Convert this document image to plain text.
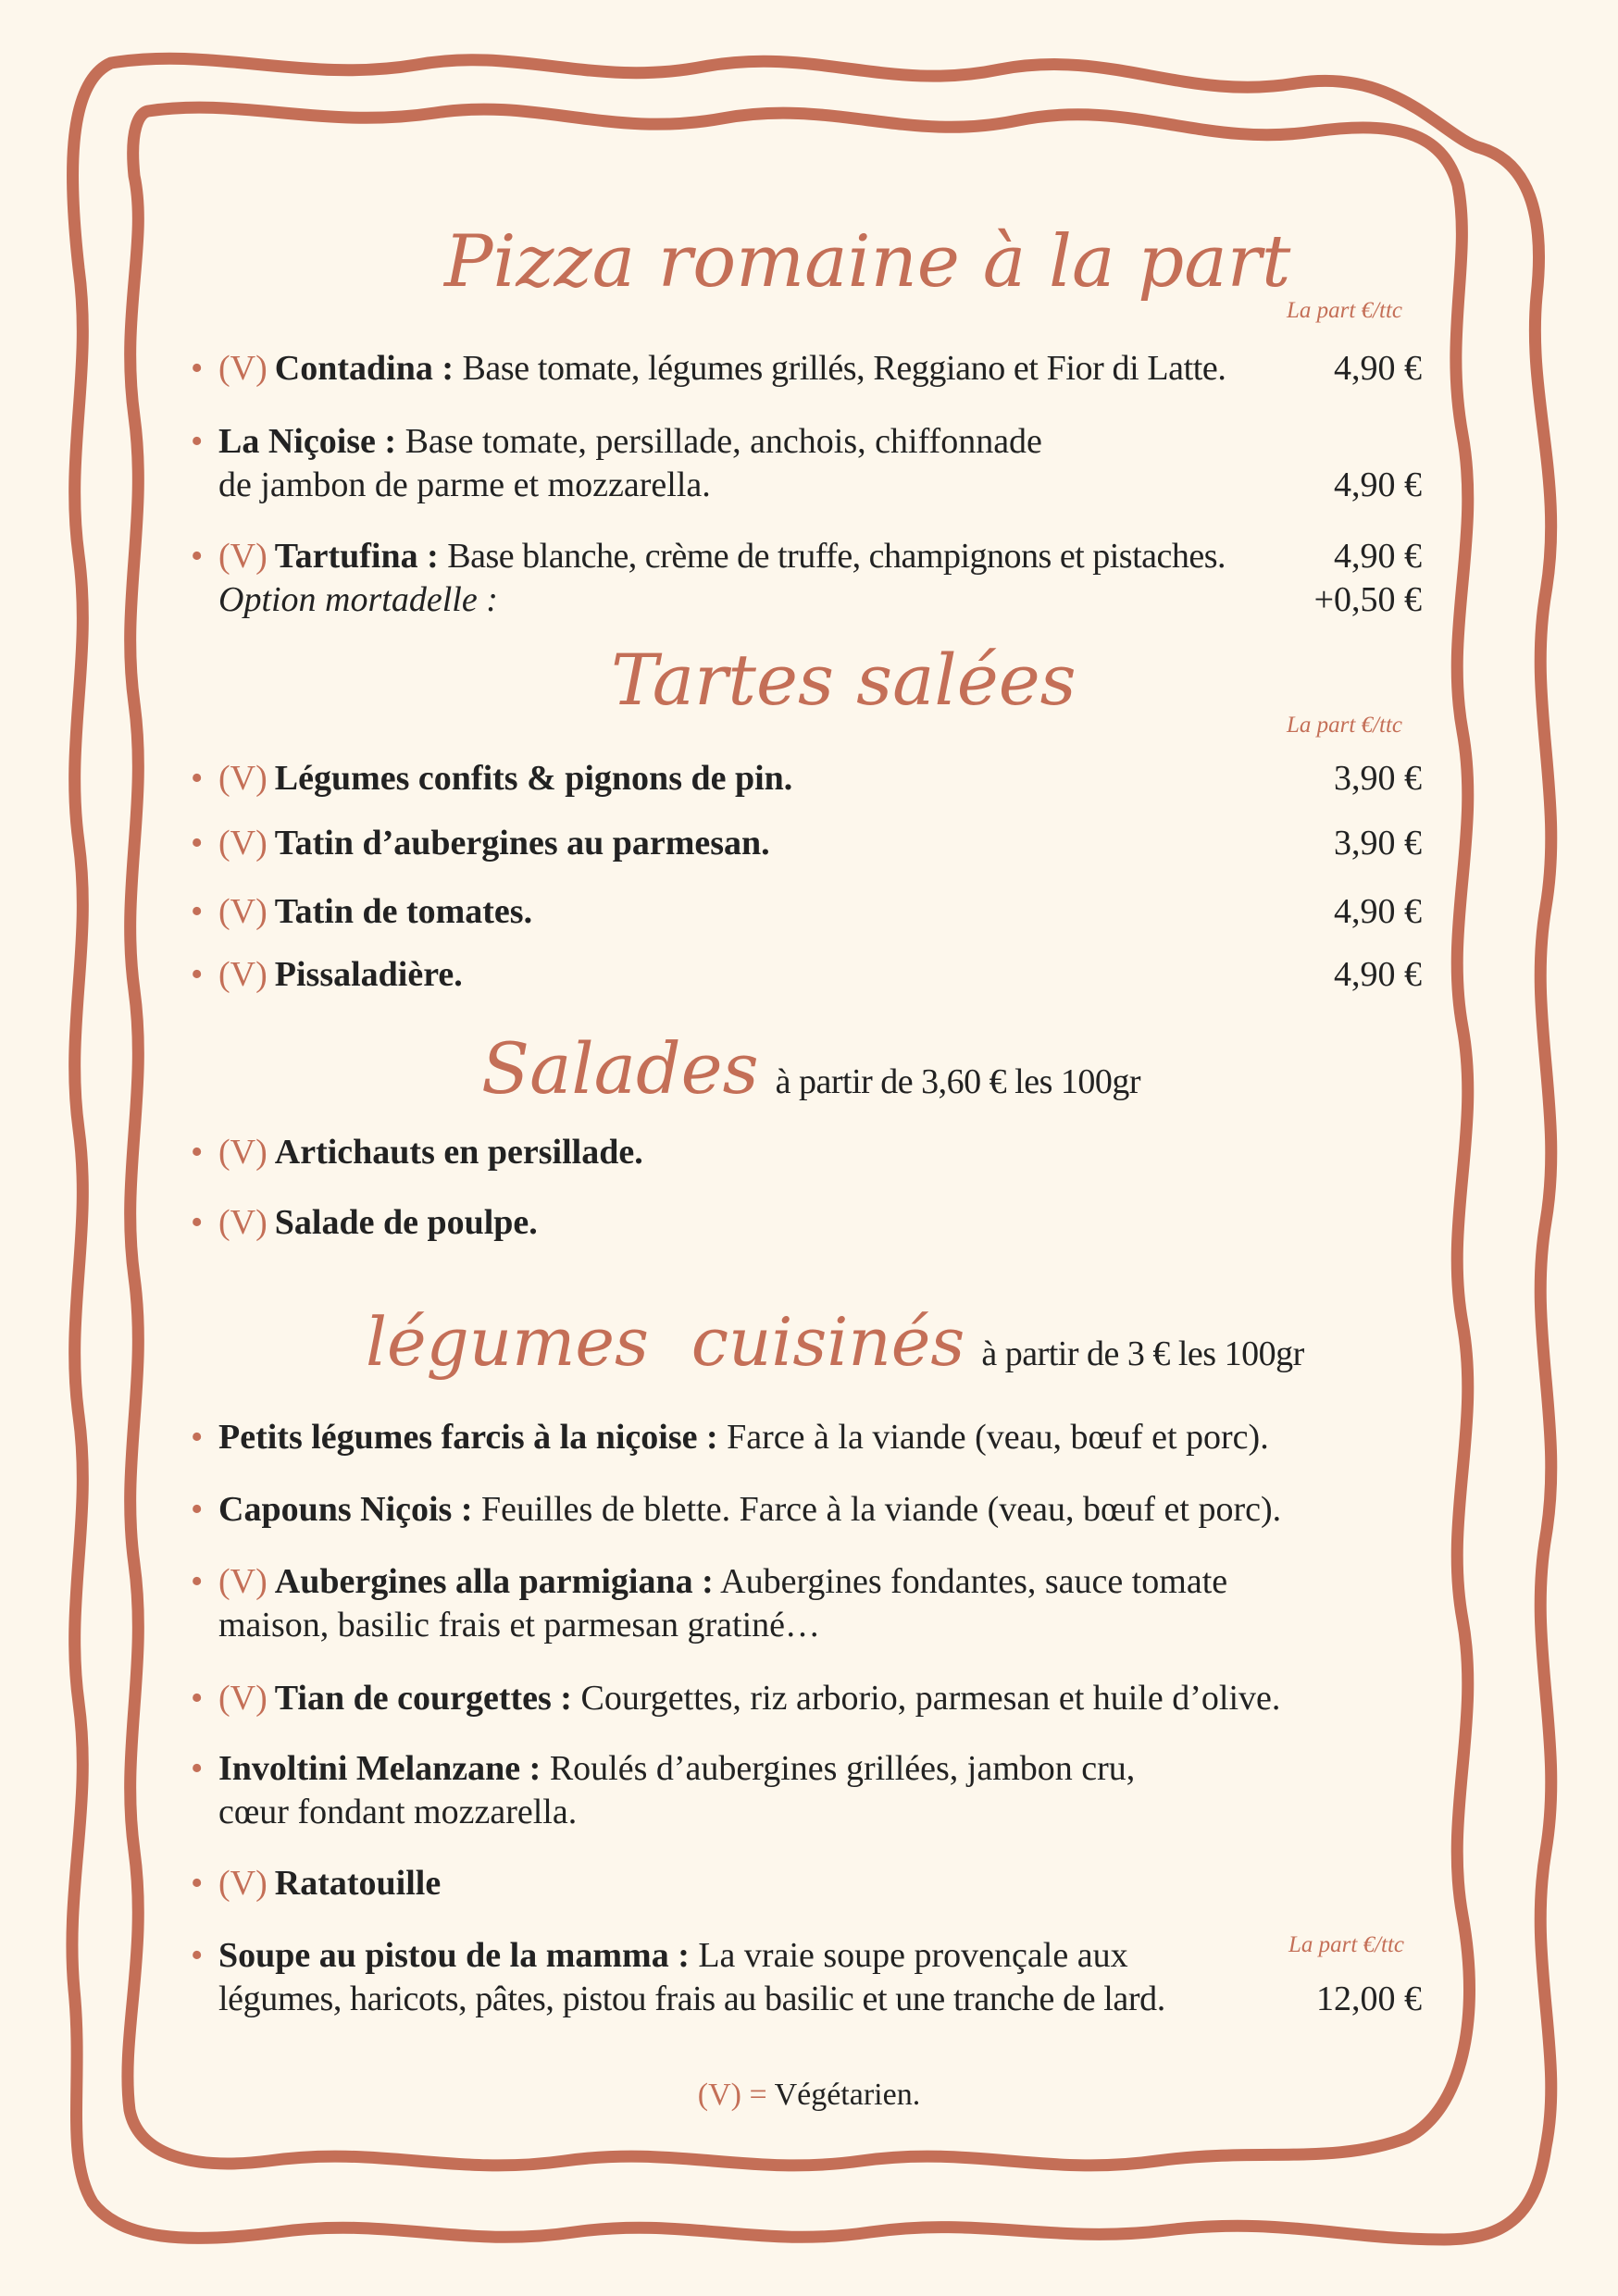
Pizza romaine à la part
La part €/ttc
• (V) Contadina : Base tomate, légumes grillés, Reggiano et Fior di Latte.	4,90 €
• La Niçoise : Base tomate, persillade, anchois, chiffonnade
de jambon de parme et mozzarella.	4,90 €
• (V) Tartufina : Base blanche, crème de truffe, champignons et pistaches.	4,90 €

Option mortadelle :	+0,50 €
Tartes salées
La part €/ttc
• (V) Légumes confits & pignons de pin.	3,90 €
• (V) Tatin d’aubergines au parmesan.	3,90 €
• (V) Tatin de tomates.	4,90 €
• (V) Pissaladière.	4,90 €
Salades à partir de 3,60 € les 100gr
• (V) Artichauts en persillade.
• (V) Salade de poulpe.
légumes  cuisinés à partir de 3 € les 100gr
• Petits légumes farcis à la niçoise : Farce à la viande (veau, bœuf et porc).
• Capouns Niçois : Feuilles de blette. Farce à la viande (veau, bœuf et porc).
• (V) Aubergines alla parmigiana : Aubergines fondantes, sauce tomate
maison, basilic frais et parmesan gratiné…
• (V) Tian de courgettes : Courgettes, riz arborio, parmesan et huile d’olive.
• Involtini Melanzane : Roulés d’aubergines grillées, jambon cru,
cœur fondant mozzarella.
• (V) Ratatouille
La part €/ttc
• Soupe au pistou de la mamma : La vraie soupe provençale aux
légumes, haricots, pâtes, pistou frais au basilic et une tranche de lard.	12,00 €
(V) = Végétarien.
